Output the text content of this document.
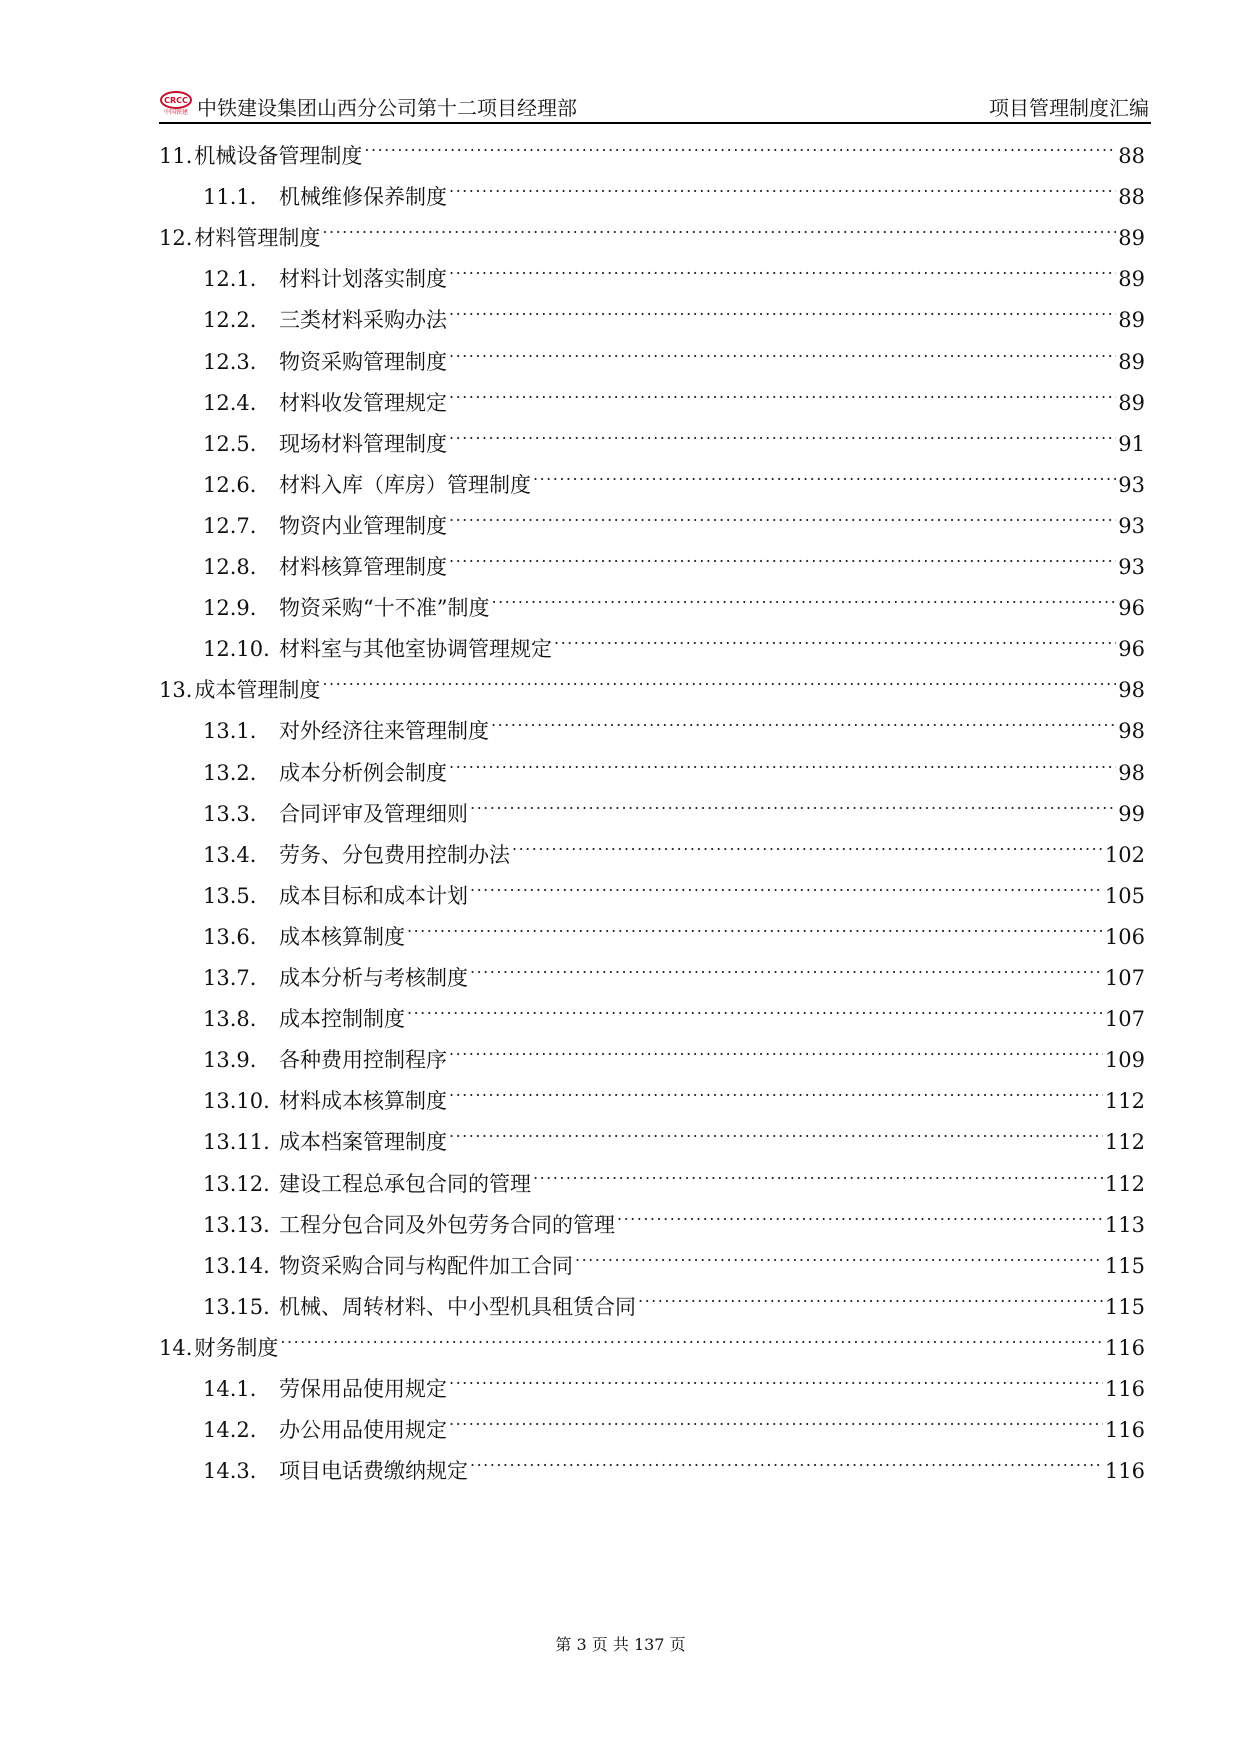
CRCC
中国铁建 中铁建设集团山西分公司第十二项目经理部	项目管理制度汇编
11. 机械设备管理制度 .....	88
11.1.	机械维修保养制度 .....	88
12. 材料管理制度 .....	89
12.1.	材料计划落实制度 .....	89
12.2.	三类材料采购办法 .....	89
12.3.	物资采购管理制度 .....	89
12.4.	材料收发管理规定 .....	89
12.5.	现场材料管理制度 .....	91
12.6.	材料入库（库房）管理制度 .....	93
12.7.	物资内业管理制度 .....	93
12.8.	材料核算管理制度 .....	93
12.9.	物资采购“十不准”制度 .....	96
12.10. 材料室与其他室协调管理规定 .....	96
13. 成本管理制度 .....	98
13.1.	对外经济往来管理制度 .....	98
13.2.	成本分析例会制度 .....	98
13.3.	合同评审及管理细则 .....	99
13.4.	劳务、分包费用控制办法 .....	102
13.5.	成本目标和成本计划 .....	105
13.6.	成本核算制度 .....	106
13.7.	成本分析与考核制度 .....	107
13.8.	成本控制制度 .....	107
13.9.	各种费用控制程序 .....	109
13.10. 材料成本核算制度 .....	112
13.11. 成本档案管理制度 .....	112
13.12. 建设工程总承包合同的管理 .....	112
13.13. 工程分包合同及外包劳务合同的管理 .....	113
13.14. 物资采购合同与构配件加工合同 .....	115
13.15. 机械、周转材料、中小型机具租赁合同 .....	115
14. 财务制度 .....	116
14.1.	劳保用品使用规定 .....	116
14.2.	办公用品使用规定 .....	116
14.3.	项目电话费缴纳规定 .....	116
第 3 页 共 137 页
